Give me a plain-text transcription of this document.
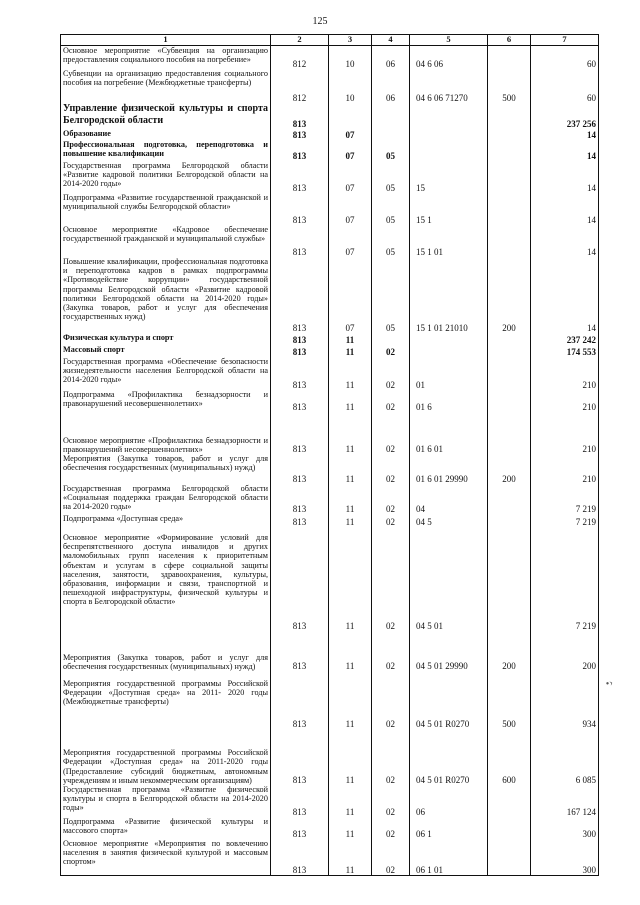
125
1	2	3	4	5	6	7
Основное мероприятие «Субвенция на организацию предоставления социального пособия на погребение»	812	10	06	04 6 06		60
Субвенции на организацию предоставления социального пособия на погребение (Межбюджетные трансферты)	812	10	06	04 6 06 71270	500	60
Управление физической культуры и спорта Белгородской области	813					237 256
Образование	813	07				14
Профессиональная подготовка, переподготовка и повышение квалификации	813	07	05			14
Государственная программа Белгородской области «Развитие кадровой политики Белгородской области на 2014-2020 годы»	813	07	05	15		14
Подпрограмма «Развитие государственной гражданской и муниципальной службы Белгородской области»	813	07	05	15 1		14
Основное мероприятие «Кадровое обеспечение государственной гражданской и муниципальной службы»	813	07	05	15 1 01		14
Повышение квалификации, профессиональная подготовка и переподготовка кадров в рамках подпрограммы «Противодействие коррупции» государственной программы Белгородской области «Развитие кадровой политики Белгородской области на 2014-2020 годы» (Закупка товаров, работ и услуг для обеспечения государственных нужд)	813	07	05	15 1 01 21010	200	14
Физическая культура и спорт	813	11				237 242
Массовый спорт	813	11	02			174 553
Государственная программа «Обеспечение безопасности жизнедеятельности населения Белгородской области на 2014-2020 годы»	813	11	02	01		210
Подпрограмма «Профилактика безнадзорности и правонарушений несовершеннолетних»	813	11	02	01 6		210
Основное мероприятие «Профилактика безнадзорности и правонарушений несовершеннолетних»	813	11	02	01 6 01		210
Мероприятия (Закупка товаров, работ и услуг для обеспечения государственных (муниципальных) нужд)	813	11	02	01 6 01 29990	200	210
Государственная программа Белгородской области «Социальная поддержка граждан Белгородской области на 2014-2020 годы»	813	11	02	04		7 219
Подпрограмма «Доступная среда»	813	11	02	04 5		7 219
Основное мероприятие «Формирование условий для беспрепятственного доступа инвалидов и других маломобильных групп населения к приоритетным объектам и услугам в сфере социальной защиты населения, занятости, здравоохранения, культуры, образования, информации и связи, транспортной и пешеходной инфраструктуры, физической культуры и спорта в Белгородской области»	813	11	02	04 5 01		7 219
Мероприятия (Закупка товаров, работ и услуг для обеспечения государственных (муниципальных) нужд)	813	11	02	04 5 01 29990	200	200
Мероприятия государственной программы Российской Федерации «Доступная среда» на 2011- 2020 годы (Межбюджетные трансферты)	813	11	02	04 5 01 R0270	500	934
Мероприятия государственной программы Российской Федерации «Доступная среда» на 2011-2020 годы (Предоставление субсидий бюджетным, автономным учреждениям и иным некоммерческим организациям)	813	11	02	04 5 01 R0270	600	6 085
Государственная программа «Развитие физической культуры и спорта в Белгородской области на 2014-2020 годы»	813	11	02	06		167 124
Подпрограмма «Развитие физической культуры и массового спорта»	813	11	02	06 1		300
Основное мероприятие «Мероприятия по вовлечению населения в занятия физической культурой и массовым спортом»	813	11	02	06 1 01		300
•›
